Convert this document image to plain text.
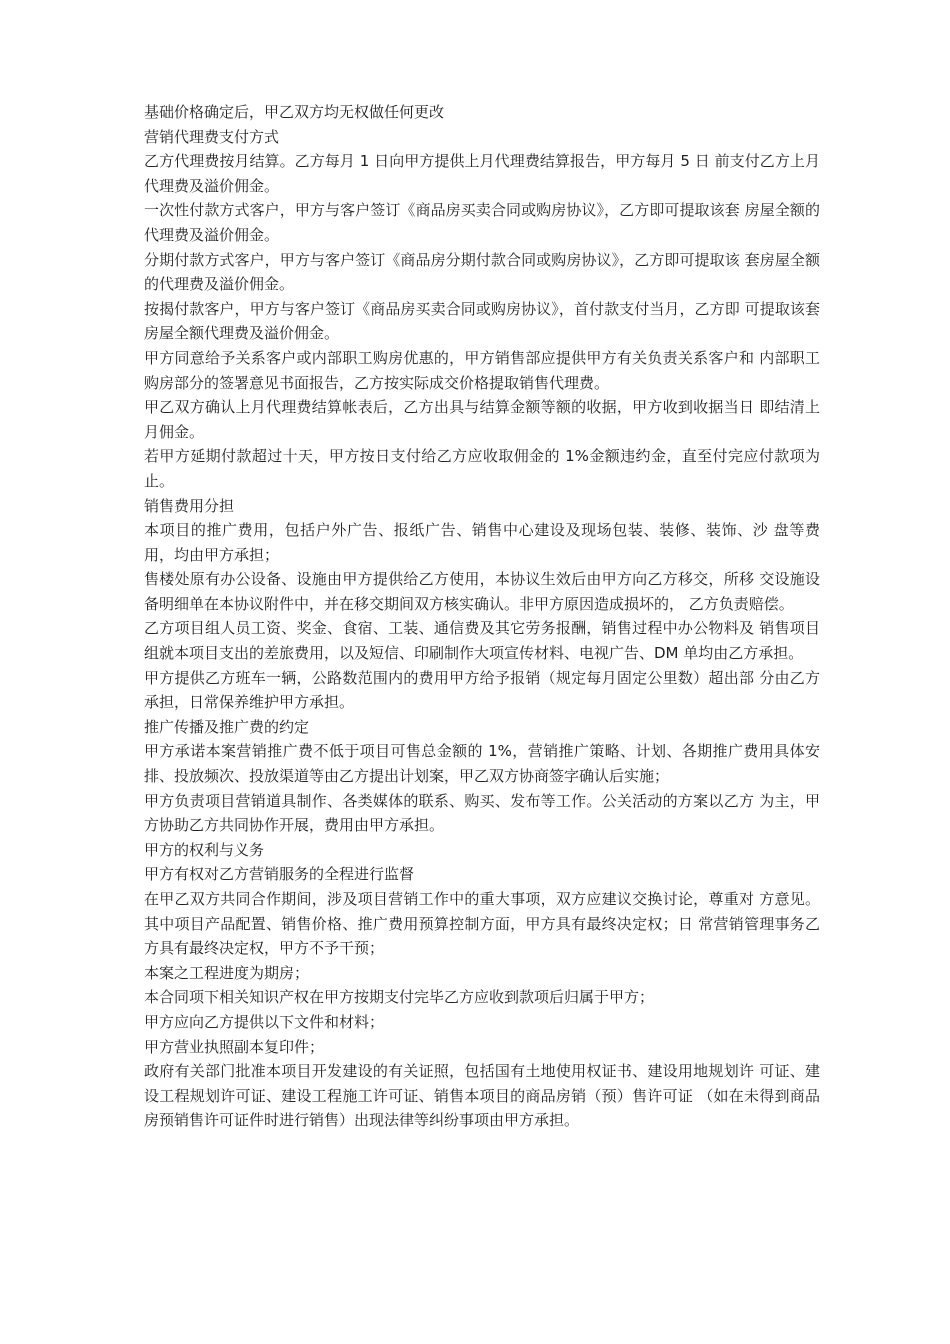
基础价格确定后，甲乙双方均无权做任何更改

营销代理费支付方式

乙方代理费按月结算。乙方每月 1 日向甲方提供上月代理费结算报告，甲方每月 5 日 前支付乙方上月代理费及溢价佣金。

一次性付款方式客户，甲方与客户签订《商品房买卖合同或购房协议》，乙方即可提取该套 房屋全额的代理费及溢价佣金。

分期付款方式客户，甲方与客户签订《商品房分期付款合同或购房协议》，乙方即可提取该 套房屋全额的代理费及溢价佣金。

按揭付款客户，甲方与客户签订《商品房买卖合同或购房协议》，首付款支付当月，乙方即 可提取该套房屋全额代理费及溢价佣金。

甲方同意给予关系客户或内部职工购房优惠的，甲方销售部应提供甲方有关负责关系客户和 内部职工购房部分的签署意见书面报告，乙方按实际成交价格提取销售代理费。

甲乙双方确认上月代理费结算帐表后，乙方出具与结算金额等额的收据，甲方收到收据当日 即结清上月佣金。

若甲方延期付款超过十天，甲方按日支付给乙方应收取佣金的 1%金额违约金，直至付完应付款项为止。

销售费用分担

本项目的推广费用，包括户外广告、报纸广告、销售中心建设及现场包装、装修、装饰、沙 盘等费用，均由甲方承担；

售楼处原有办公设备、设施由甲方提供给乙方使用，本协议生效后由甲方向乙方移交，所移 交设施设备明细单在本协议附件中，并在移交期间双方核实确认。非甲方原因造成损坏的， 乙方负责赔偿。

乙方项目组人员工资、奖金、食宿、工装、通信费及其它劳务报酬，销售过程中办公物料及 销售项目组就本项目支出的差旅费用，以及短信、印刷制作大项宣传材料、电视广告、DM 单均由乙方承担。

甲方提供乙方班车一辆，公路数范围内的费用甲方给予报销（规定每月固定公里数）超出部 分由乙方承担，日常保养维护甲方承担。

推广传播及推广费的约定

甲方承诺本案营销推广费不低于项目可售总金额的 1%，营销推广策略、计划、各期推广费用具体安排、投放频次、投放渠道等由乙方提出计划案，甲乙双方协商签字确认后实施；

甲方负责项目营销道具制作、各类媒体的联系、购买、发布等工作。公关活动的方案以乙方 为主，甲方协助乙方共同协作开展，费用由甲方承担。

甲方的权利与义务

甲方有权对乙方营销服务的全程进行监督

在甲乙双方共同合作期间，涉及项目营销工作中的重大事项，双方应建议交换讨论，尊重对 方意见。其中项目产品配置、销售价格、推广费用预算控制方面，甲方具有最终决定权；日 常营销管理事务乙方具有最终决定权，甲方不予干预；

本案之工程进度为期房；

本合同项下相关知识产权在甲方按期支付完毕乙方应收到款项后归属于甲方；

甲方应向乙方提供以下文件和材料；

甲方营业执照副本复印件；

政府有关部门批准本项目开发建设的有关证照，包括国有土地使用权证书、建设用地规划许 可证、建设工程规划许可证、建设工程施工许可证、销售本项目的商品房销（预）售许可证 （如在未得到商品房预销售许可证件时进行销售）出现法律等纠纷事项由甲方承担。
